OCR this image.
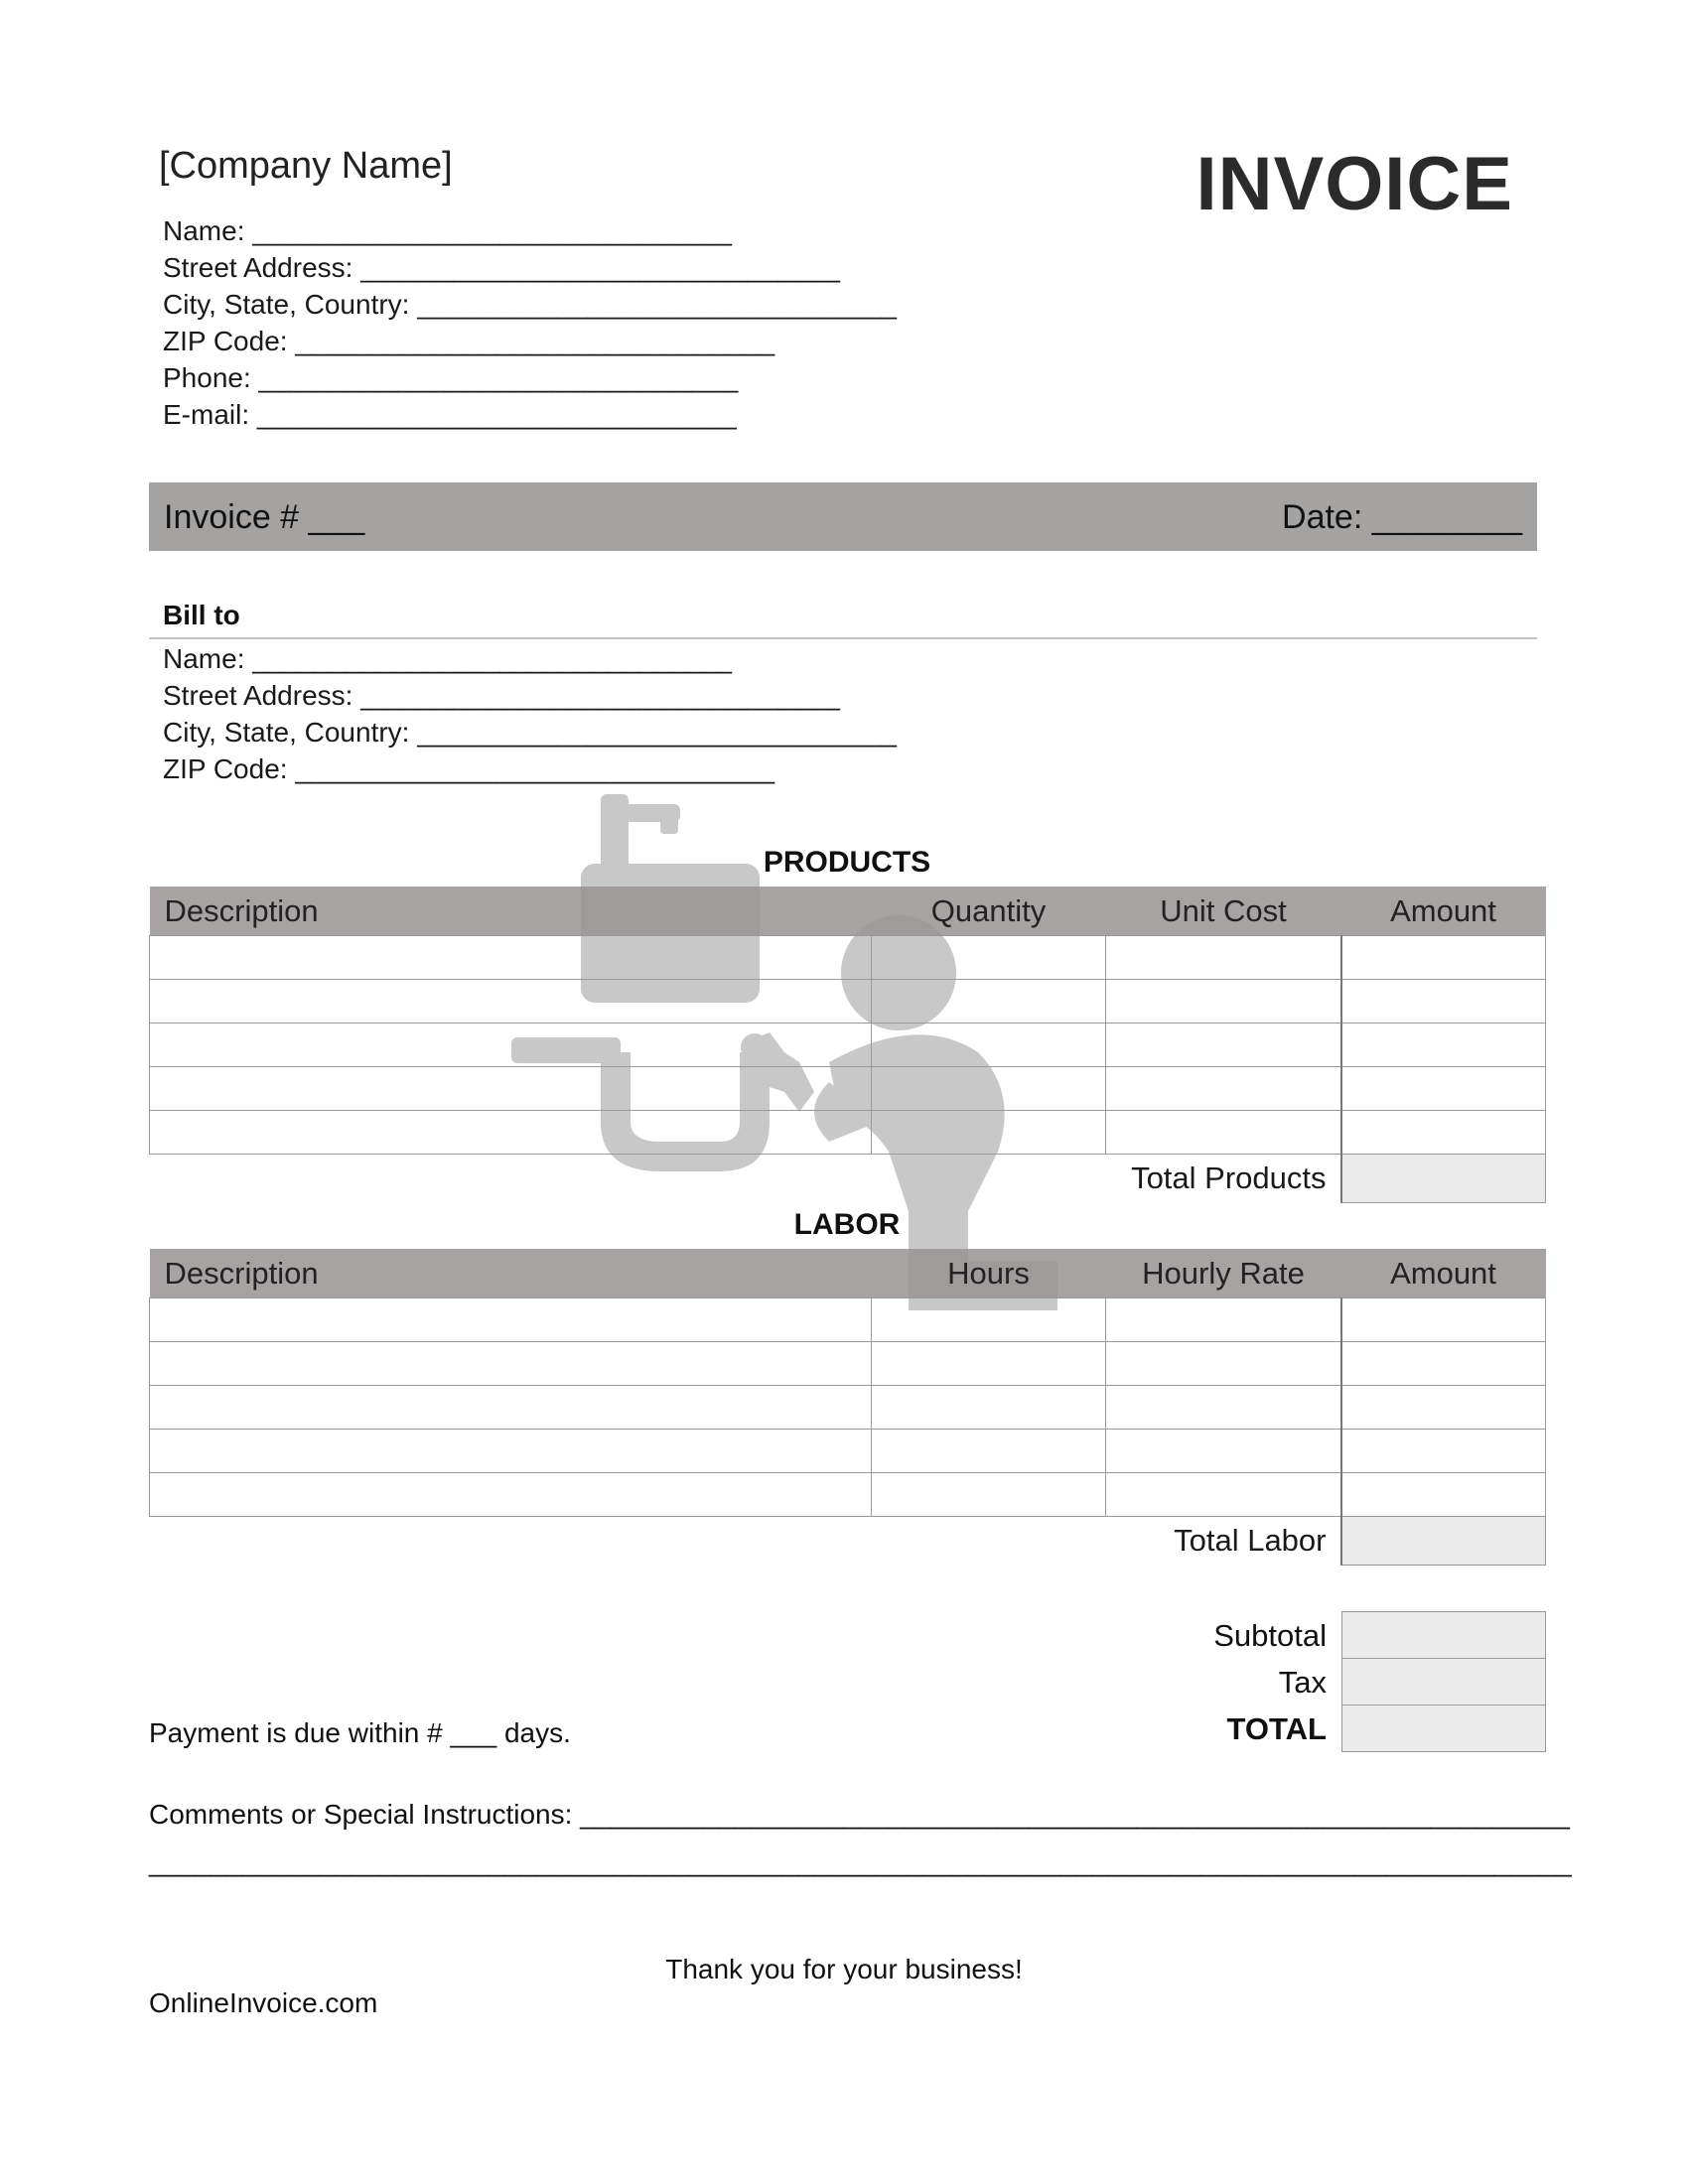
[Company Name]	INVOICE
Name: _______________________________
Street Address: _______________________________
City, State, Country: _______________________________
ZIP Code: _______________________________
Phone: _______________________________
E-mail: _______________________________
Invoice # ___	Date: ________
Bill to
Name: _______________________________
Street Address: _______________________________
City, State, Country: _______________________________
ZIP Code: _______________________________
PRODUCTS
Description	Quantity	Unit Cost	Amount

Total Products			
LABOR
Description	Hours	Hourly Rate	Amount

Total Labor			
Subtotal
Tax
TOTAL
Payment is due within # ___ days.
Comments or Special Instructions: ________________________________________________________________
____________________________________________________________________________________________
Thank you for your business!
OnlineInvoice.com
